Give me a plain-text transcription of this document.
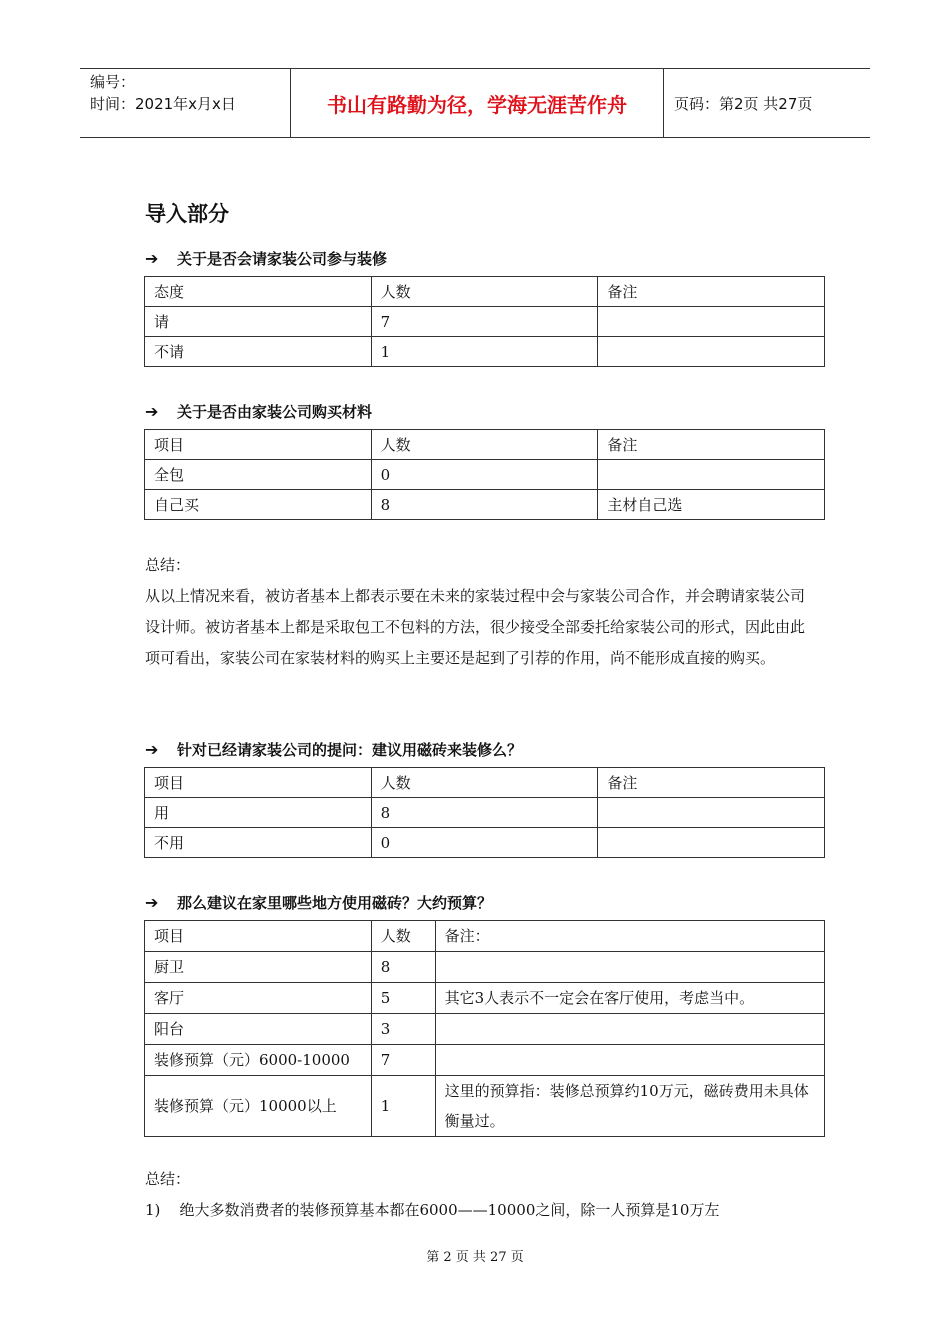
编号：
时间：2021年x月x日	书山有路勤为径，学海无涯苦作舟	页码：第2页 共27页
导入部分
➔	关于是否会请家装公司参与装修
态度	人数	备注
请	7	
不请	1	
➔	关于是否由家装公司购买材料
项目	人数	备注
全包	0	
自己买	8	主材自己选
总结：
从以上情况来看，被访者基本上都表示要在未来的家装过程中会与家装公司合作，并会聘请家装公司设计师。被访者基本上都是采取包工不包料的方法，很少接受全部委托给家装公司的形式，因此由此项可看出，家装公司在家装材料的购买上主要还是起到了引荐的作用，尚不能形成直接的购买。
➔	针对已经请家装公司的提问：建议用磁砖来装修么？
项目	人数	备注
用	8	
不用	0	
➔	那么建议在家里哪些地方使用磁砖？大约预算？
项目	人数	备注：
厨卫	8	
客厅	5	其它3人表示不一定会在客厅使用，考虑当中。
阳台	3	
装修预算（元）6000-10000	7	
装修预算（元）10000以上	1	这里的预算指：装修总预算约10万元，磁砖费用未具体衡量过。
总结：
1)    绝大多数消费者的装修预算基本都在6000——10000之间，除一人预算是10万左
第 2 页 共 27 页
